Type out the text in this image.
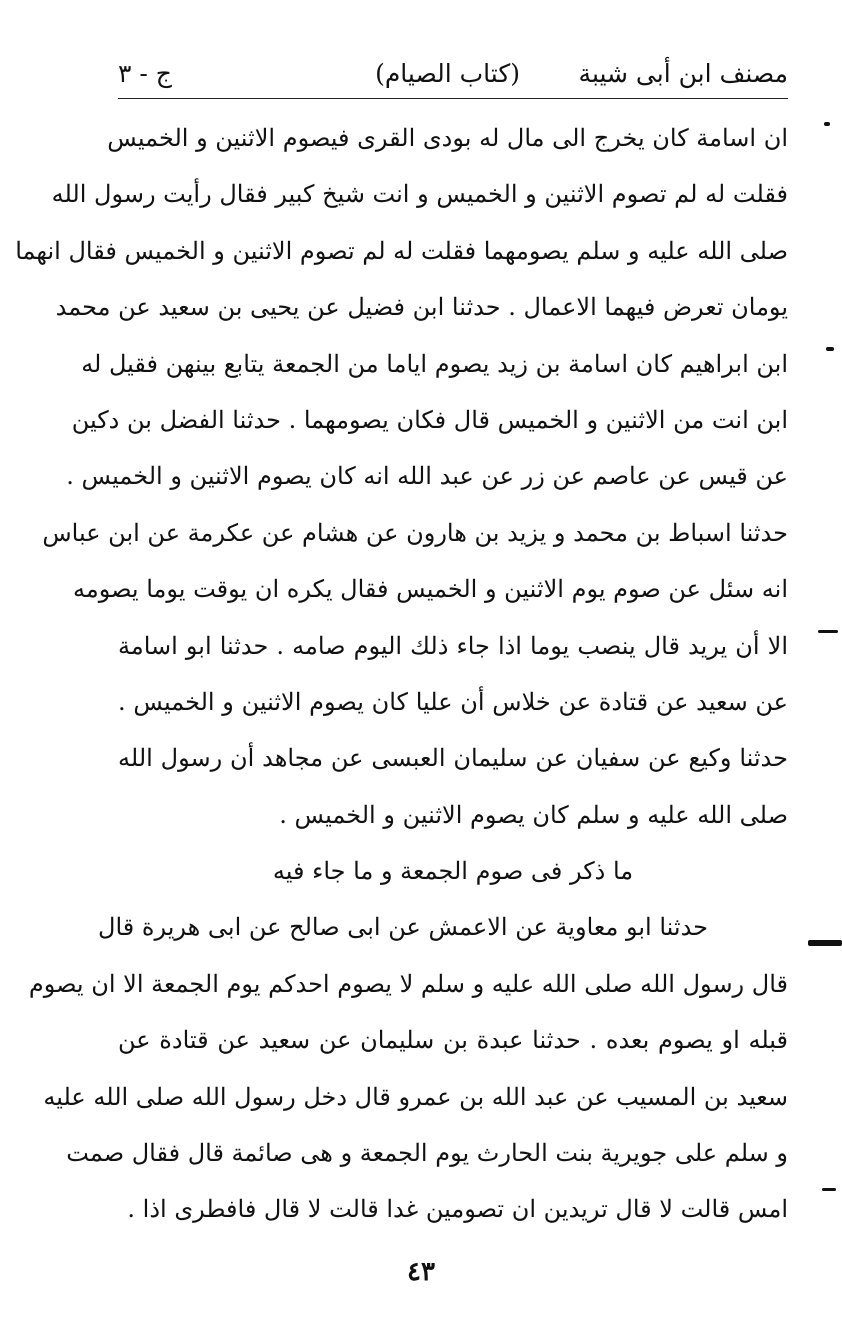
مصنف ابن أبى شيبة
(كتاب الصيام)
ج - ٣
ان اسامة كان يخرج الى مال له بودى القرى فيصوم الاثنين و الخميس
فقلت له لم تصوم الاثنين و الخميس و انت شيخ كبير فقال رأيت رسول الله
صلى الله عليه و سلم يصومهما فقلت له لم تصوم الاثنين و الخميس فقال انهما
يومان تعرض فيهما الاعمال . حدثنا ابن فضيل عن يحيى بن سعيد عن محمد
ابن ابراهيم كان اسامة بن زيد يصوم اياما من الجمعة يتابع بينهن فقيل له
ابن انت من الاثنين و الخميس قال فكان يصومهما . حدثنا الفضل بن دكين
عن قيس عن عاصم عن زر عن عبد الله انه كان يصوم الاثنين و الخميس .
حدثنا اسباط بن محمد و يزيد بن هارون عن هشام عن عكرمة عن ابن عباس
انه سئل عن صوم يوم الاثنين و الخميس فقال يكره ان يوقت يوما يصومه
الا أن يريد قال ينصب يوما اذا جاء ذلك اليوم صامه . حدثنا ابو اسامة
عن سعيد عن قتادة عن خلاس أن عليا كان يصوم الاثنين و الخميس .
حدثنا وكيع عن سفيان عن سليمان العبسى عن مجاهد أن رسول الله
صلى الله عليه و سلم كان يصوم الاثنين و الخميس .
ما ذكر فى صوم الجمعة و ما جاء فيه
حدثنا ابو معاوية عن الاعمش عن ابى صالح عن ابى هريرة قال
قال رسول الله صلى الله عليه و سلم لا يصوم احدكم يوم الجمعة الا ان يصوم
قبله او يصوم بعده . حدثنا عبدة بن سليمان عن سعيد عن قتادة عن
سعيد بن المسيب عن عبد الله بن عمرو قال دخل رسول الله صلى الله عليه
و سلم على جويرية بنت الحارث يوم الجمعة و هى صائمة قال فقال صمت
امس قالت لا قال تريدين ان تصومين غدا قالت لا قال فافطرى اذا .
٤٣
